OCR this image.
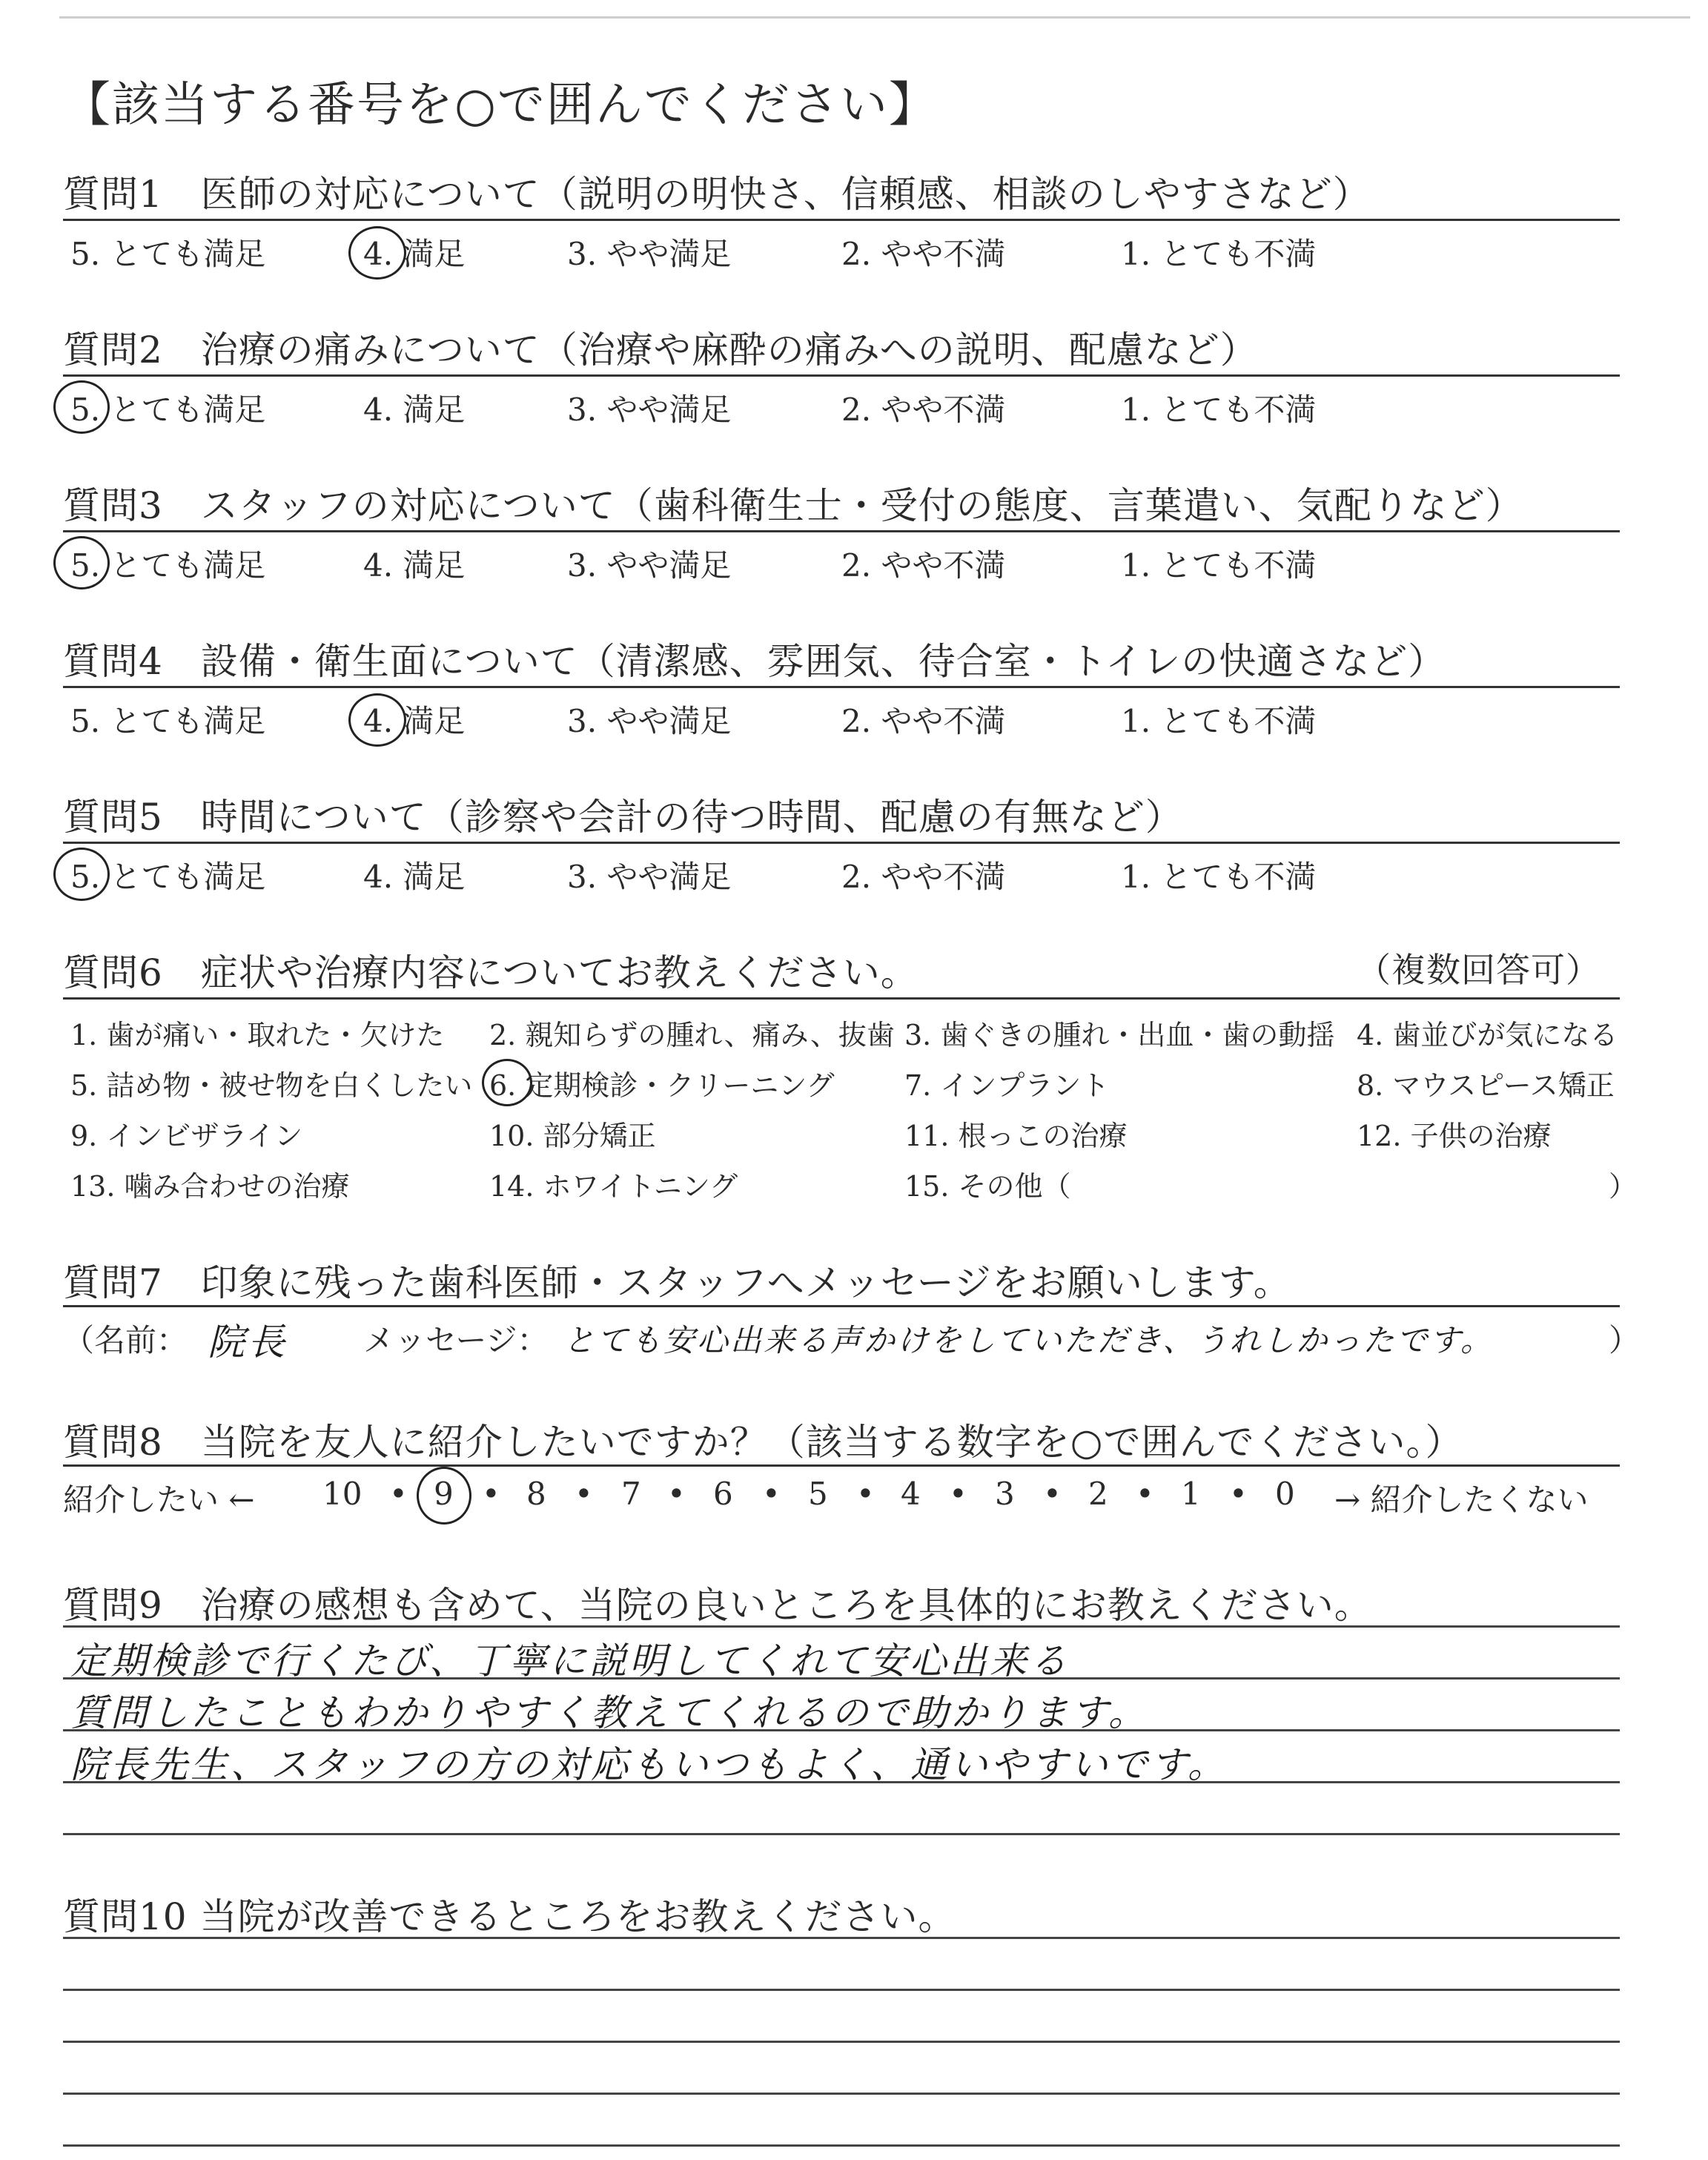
【該当する番号を○で囲んでください】
質問1　医師の対応について（説明の明快さ、信頼感、相談のしやすさなど）
5. とても満足	4. 満足	3. やや満足	2. やや不満	1. とても不満
質問2　治療の痛みについて（治療や麻酔の痛みへの説明、配慮など）
5. とても満足	4. 満足	3. やや満足	2. やや不満	1. とても不満
質問3　スタッフの対応について（歯科衛生士・受付の態度、言葉遣い、気配りなど）
5. とても満足	4. 満足	3. やや満足	2. やや不満	1. とても不満
質問4　設備・衛生面について（清潔感、雰囲気、待合室・トイレの快適さなど）
5. とても満足	4. 満足	3. やや満足	2. やや不満	1. とても不満
質問5　時間について（診察や会計の待つ時間、配慮の有無など）
5. とても満足	4. 満足	3. やや満足	2. やや不満	1. とても不満
質問6　症状や治療内容についてお教えください。	（複数回答可）
1. 歯が痛い・取れた・欠けた 2. 親知らずの腫れ、痛み、抜歯 3. 歯ぐきの腫れ・出血・歯の動揺 4. 歯並びが気になる
5. 詰め物・被せ物を白くしたい 6. 定期検診・クリーニング 7. インプラント	8. マウスピース矯正
9. インビザライン	10. 部分矯正	11. 根っこの治療	12. 子供の治療
13. 噛み合わせの治療	14. ホワイトニング	15. その他（	）
質問7　印象に残った歯科医師・スタッフへメッセージをお願いします。
（名前： 院長 メッセージ： とても安心出来る声かけをしていただき、うれしかったです。	）
質問8　当院を友人に紹介したいですか？（該当する数字を○で囲んでください。）
紹介したい ← 10 • 9 • 8 • 7 • 6 • 5 • 4 • 3 • 2 • 1 • 0 → 紹介したくない
質問9　治療の感想も含めて、当院の良いところを具体的にお教えください。
定期検診で行くたび、丁寧に説明してくれて安心出来る
質問したこともわかりやすく教えてくれるので助かります。
院長先生、スタッフの方の対応もいつもよく、通いやすいです。
質問10 当院が改善できるところをお教えください。
